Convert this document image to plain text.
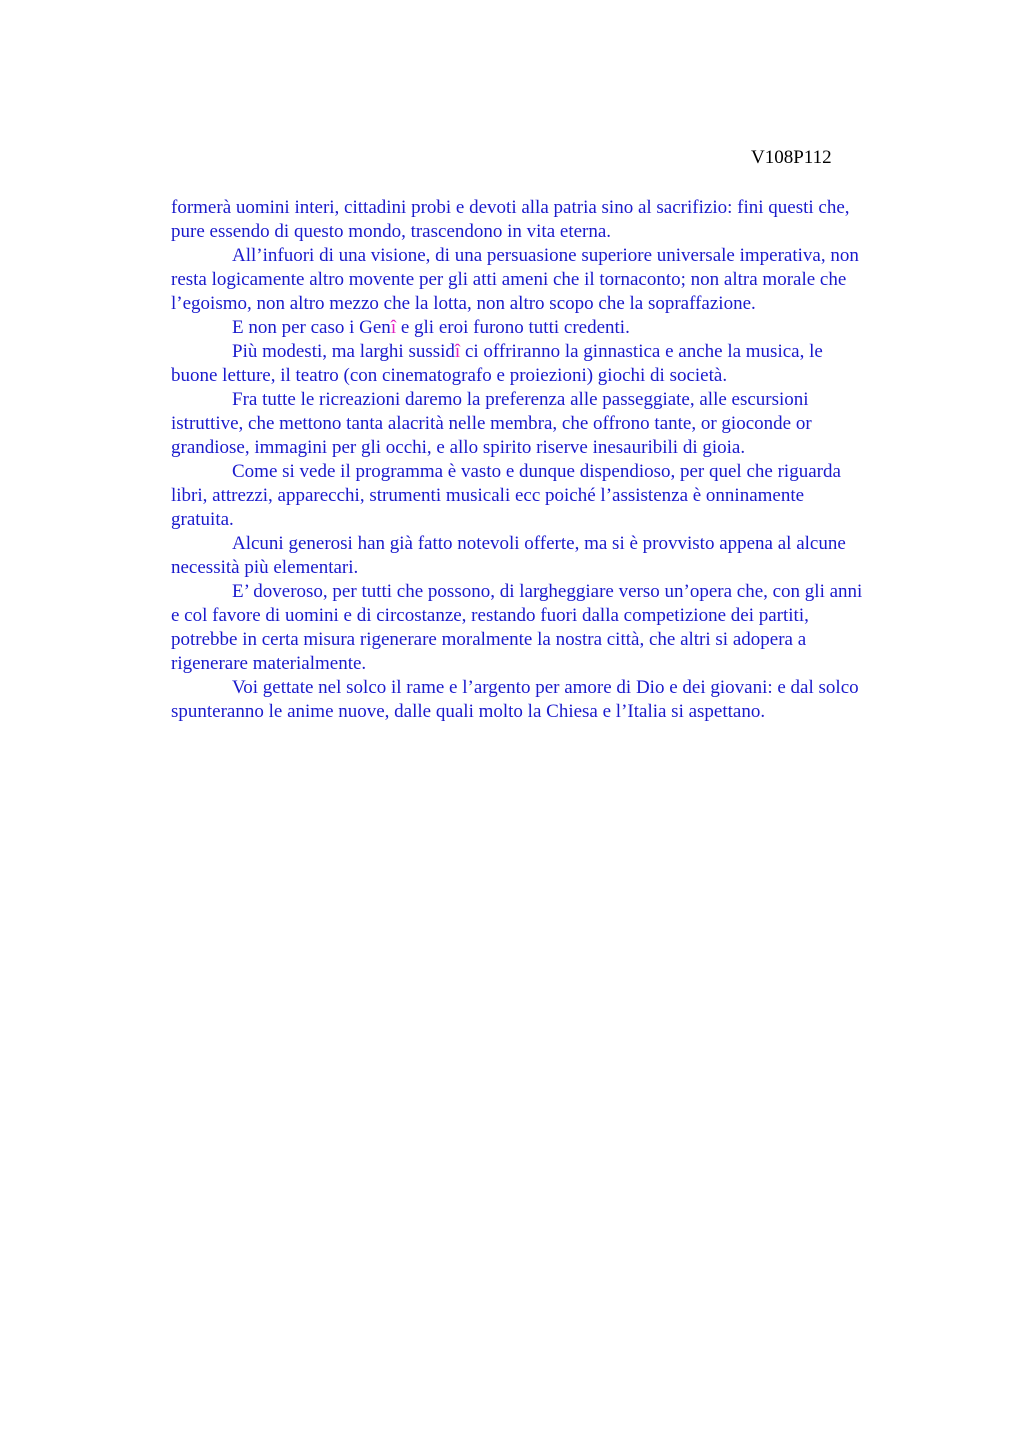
V108P112

formerà uomini interi, cittadini probi e devoti alla patria sino al sacrifizio: fini questi che,
pure essendo di questo mondo, trascendono in vita eterna.

All’infuori di una visione, di una persuasione superiore universale imperativa, non
resta logicamente altro movente per gli atti ameni che il tornaconto; non altra morale che
l’egoismo, non altro mezzo che la lotta, non altro scopo che la sopraffazione.

E non per caso i Genî e gli eroi furono tutti credenti.

Più modesti, ma larghi sussidî ci offriranno la ginnastica e anche la musica, le
buone letture, il teatro (con cinematografo e proiezioni) giochi di società.

Fra tutte le ricreazioni daremo la preferenza alle passeggiate, alle escursioni
istruttive, che mettono tanta alacrità nelle membra, che offrono tante, or gioconde or
grandiose, immagini per gli occhi, e allo spirito riserve inesauribili di gioia.

Come si vede il programma è vasto e dunque dispendioso, per quel che riguarda
libri, attrezzi, apparecchi, strumenti musicali ecc poiché l’assistenza è onninamente
gratuita.

Alcuni generosi han già fatto notevoli offerte, ma si è provvisto appena al alcune
necessità più elementari.

E’ doveroso, per tutti che possono, di largheggiare verso un’opera che, con gli anni
e col favore di uomini e di circostanze, restando fuori dalla competizione dei partiti,
potrebbe in certa misura rigenerare moralmente la nostra città, che altri si adopera a
rigenerare materialmente.

Voi gettate nel solco il rame e l’argento per amore di Dio e dei giovani: e dal solco
spunteranno le anime nuove, dalle quali molto la Chiesa e l’Italia si aspettano.
